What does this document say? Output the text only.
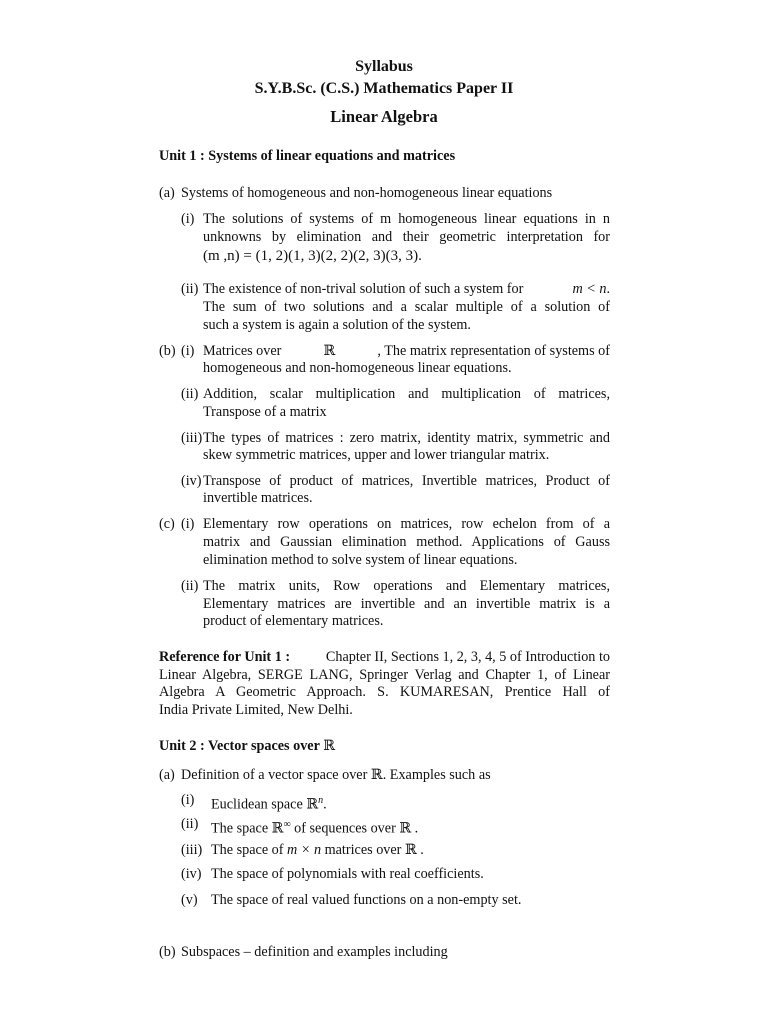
Syllabus
S.Y.B.Sc. (C.S.) Mathematics Paper II
Linear Algebra
Unit 1 : Systems of linear equations and matrices
(a) Systems of homogeneous and non-homogeneous linear equations
(i) The solutions of systems of m homogeneous linear equations in n
unknowns by elimination and their geometric interpretation for
(m ,n) = (1, 2)(1, 3)(2, 2)(2, 3)(3, 3).
(ii) The existence of non-trival solution of such a system for	m < n.
The sum of two solutions and a scalar multiple of a solution of
such a system is again a solution of the system.
(b) (i) Matrices over	ℝ	, The matrix representation of systems of
homogeneous and non-homogeneous linear equations.
(ii) Addition, scalar multiplication and multiplication of matrices,
Transpose of a matrix
(iii) The types of matrices : zero matrix, identity matrix, symmetric and
skew symmetric matrices, upper and lower triangular matrix.
(iv) Transpose of product of matrices, Invertible matrices, Product of
invertible matrices.
(c) (i) Elementary row operations on matrices, row echelon from of a
matrix and Gaussian elimination method. Applications of Gauss
elimination method to solve system of linear equations.
(ii) The matrix units, Row operations and Elementary matrices,
Elementary matrices are invertible and an invertible matrix is a
product of elementary matrices.
Reference for Unit 1 :	Chapter II, Sections 1, 2, 3, 4, 5 of Introduction to
Linear Algebra, SERGE LANG, Springer Verlag and Chapter 1, of Linear
Algebra A Geometric Approach. S. KUMARESAN, Prentice Hall of
India Private Limited, New Delhi.
Unit 2 : Vector spaces over ℝ
(a) Definition of a vector space over ℝ. Examples such as
(i) Euclidean space ℝ$^n$.
(ii) The space ℝ∞ of sequences over ℝ .
(iii) The space of m × n matrices over ℝ .
(iv) The space of polynomials with real coefficients.
(v) The space of real valued functions on a non-empty set.
(b) Subspaces – definition and examples including
